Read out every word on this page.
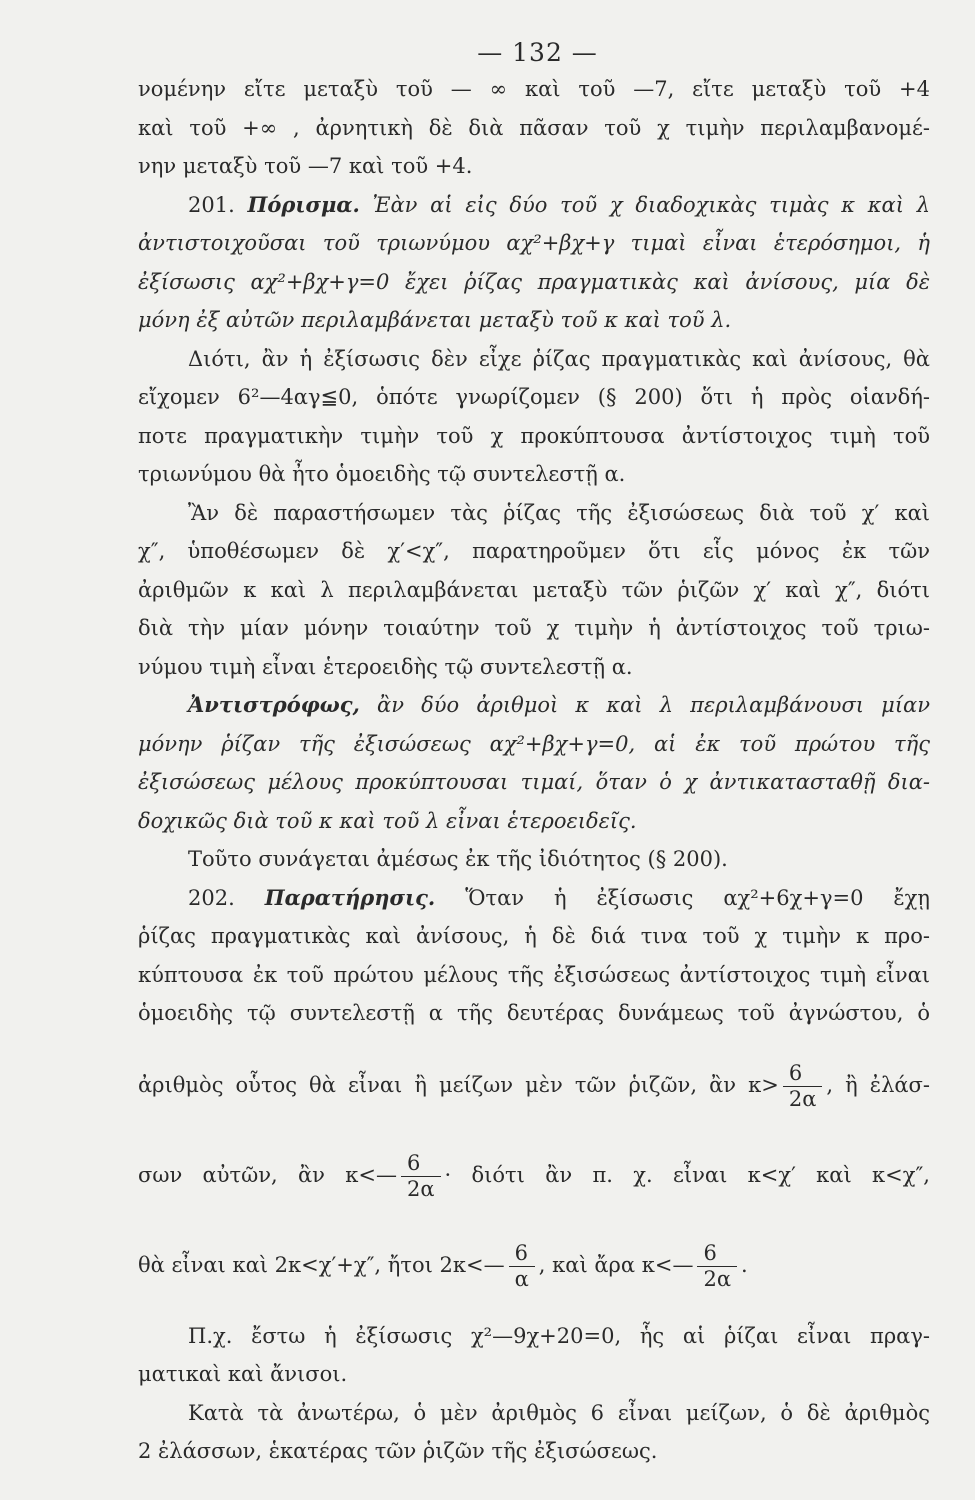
— 132 —
νομένην εἴτε μεταξὺ τοῦ — ∞ καὶ τοῦ —7, εἴτε μεταξὺ τοῦ +4
καὶ τοῦ +∞ , ἀρνητικὴ δὲ διὰ πᾶσαν τοῦ χ τιμὴν περιλαμβανομέ-
νην μεταξὺ τοῦ —7 καὶ τοῦ +4.
201. Πόρισμα. Ἐὰν αἱ εἰς δύο τοῦ χ διαδοχικὰς τιμὰς κ καὶ λ
ἀντιστοιχοῦσαι τοῦ τριωνύμου αχ²+βχ+γ τιμαὶ εἶναι ἑτερόσημοι, ἡ
ἐξίσωσις αχ²+βχ+γ=0 ἔχει ῥίζας πραγματικὰς καὶ ἀνίσους, μία δὲ
μόνη ἐξ αὐτῶν περιλαμβάνεται μεταξὺ τοῦ κ καὶ τοῦ λ.
Διότι, ἂν ἡ ἐξίσωσις δὲν εἶχε ῥίζας πραγματικὰς καὶ ἀνίσους, θὰ
εἴχομεν 6²—4αγ≦0, ὁπότε γνωρίζομεν (§ 200) ὅτι ἡ πρὸς οἱανδή-
ποτε πραγματικὴν τιμὴν τοῦ χ προκύπτουσα ἀντίστοιχος τιμὴ τοῦ
τριωνύμου θὰ ἦτο ὁμοειδὴς τῷ συντελεστῇ α.
Ἂν δὲ παραστήσωμεν τὰς ῥίζας τῆς ἐξισώσεως διὰ τοῦ χ′ καὶ
χ″, ὑποθέσωμεν δὲ χ′<χ″, παρατηροῦμεν ὅτι εἷς μόνος ἐκ τῶν
ἀριθμῶν κ καὶ λ περιλαμβάνεται μεταξὺ τῶν ῥιζῶν χ′ καὶ χ″, διότι
διὰ τὴν μίαν μόνην τοιαύτην τοῦ χ τιμὴν ἡ ἀντίστοιχος τοῦ τριω-
νύμου τιμὴ εἶναι ἑτεροειδὴς τῷ συντελεστῇ α.
Ἀντιστρόφως, ἂν δύο ἀριθμοὶ κ καὶ λ περιλαμβάνουσι μίαν
μόνην ῥίζαν τῆς ἐξισώσεως αχ²+βχ+γ=0, αἱ ἐκ τοῦ πρώτου τῆς
ἐξισώσεως μέλους προκύπτουσαι τιμαί, ὅταν ὁ χ ἀντικατασταθῇ δια-
δοχικῶς διὰ τοῦ κ καὶ τοῦ λ εἶναι ἑτεροειδεῖς.
Τοῦτο συνάγεται ἀμέσως ἐκ τῆς ἰδιότητος (§ 200).
202. Παρατήρησις. Ὅταν ἡ ἐξίσωσις αχ²+6χ+γ=0 ἔχῃ
ῥίζας πραγματικὰς καὶ ἀνίσους, ἡ δὲ διά τινα τοῦ χ τιμὴν κ προ-
κύπτουσα ἐκ τοῦ πρώτου μέλους τῆς ἐξισώσεως ἀντίστοιχος τιμὴ εἶναι
ὁμοειδὴς τῷ συντελεστῇ α τῆς δευτέρας δυνάμεως τοῦ ἀγνώστου, ὁ
ἀριθμὸς οὗτος θὰ εἶναι ἢ μείζων μὲν τῶν ῥιζῶν, ἂν $\kappa> \frac{6}{2\alpha}$ , ἢ ἐλάσ-
σων αὐτῶν, ἂν κ<— $\frac{6}{2\alpha} \cdot \delta\iota ό\tau\iota$ ἂν π. χ. εἶναι κ<χ′ καὶ κ<χ″,
θὰ εἶναι καὶ 2κ<χ′+χ″, ἤτοι 2κ<— $\frac{6}{\alpha}$ , καὶ ἄρα κ<— $\frac{6}{2\alpha}$ .
Π.χ. ἔστω ἡ ἐξίσωσις χ²—9χ+20=0, ἧς αἱ ῥίζαι εἶναι πραγ-
ματικαὶ καὶ ἄνισοι.
Κατὰ τὰ ἀνωτέρω, ὁ μὲν ἀριθμὸς 6 εἶναι μείζων, ὁ δὲ ἀριθμὸς
2 ἐλάσσων, ἑκατέρας τῶν ῥιζῶν τῆς ἐξισώσεως.
